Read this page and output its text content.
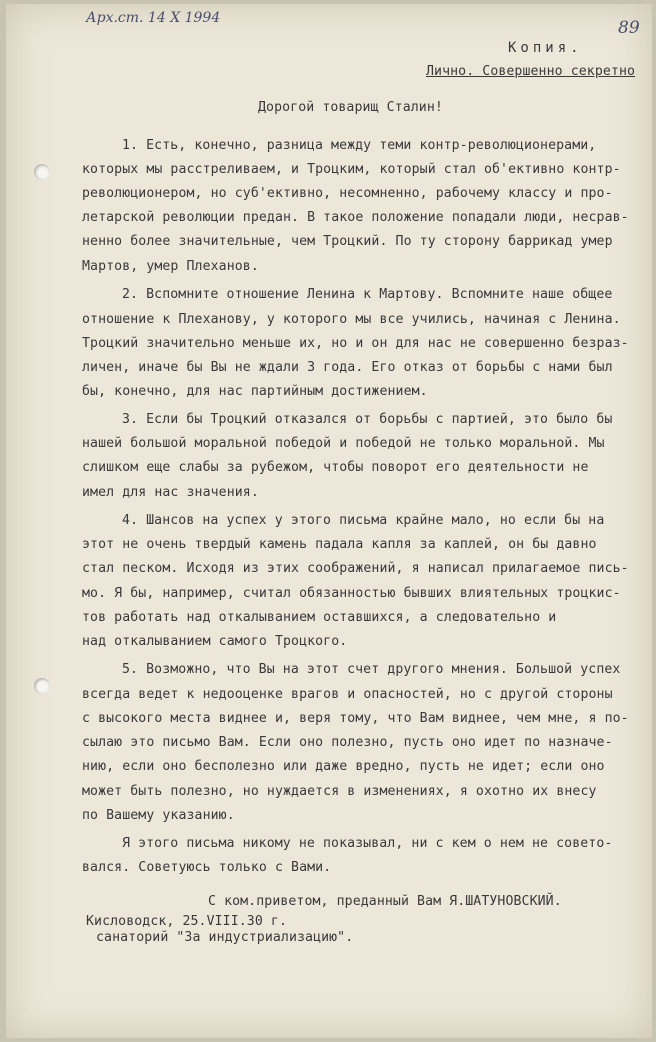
Арх.ст. 14 X 1994	89
Копия.
Лично. Совершенно секретно
Дорогой товарищ Сталин!
1. Есть, конечно, разница между теми контр-революционерами,
которых мы расстреливаем, и Троцким, который стал об'ективно контр-
революционером, но суб'ективно, несомненно, рабочему классу и про-
летарской революции предан. В такое положение попадали люди, несрав-
ненно более значительные, чем Троцкий. По ту сторону баррикад умер
Мартов, умер Плеханов.
2. Вспомните отношение Ленина к Мартову. Вспомните наше общее
отношение к Плеханову, у которого мы все учились, начиная с Ленина.
Троцкий значительно меньше их, но и он для нас не совершенно безраз-
личен, иначе бы Вы не ждали 3 года. Его отказ от борьбы с нами был
бы, конечно, для нас партийным достижением.
3. Если бы Троцкий отказался от борьбы с партией, это было бы
нашей большой моральной победой и победой не только моральной. Мы
слишком еще слабы за рубежом, чтобы поворот его деятельности не
имел для нас значения.
4. Шансов на успех у этого письма крайне мало, но если бы на
этот не очень твердый камень падала капля за каплей, он бы давно
стал песком. Исходя из этих соображений, я написал прилагаемое пись-
мо. Я бы, например, считал обязанностью бывших влиятельных троцкис-
тов работать над откалыванием оставшихся, а следовательно и
над откалыванием самого Троцкого.
5. Возможно, что Вы на этот счет другого мнения. Большой успех
всегда ведет к недооценке врагов и опасностей, но с другой стороны
с высокого места виднее и, веря тому, что Вам виднее, чем мне, я по-
сылаю это письмо Вам. Если оно полезно, пусть оно идет по назначе-
нию, если оно бесполезно или даже вредно, пусть не идет; если оно
может быть полезно, но нуждается в изменениях, я охотно их внесу
по Вашему указанию.
Я этого письма никому не показывал, ни с кем о нем не совето-
вался. Советуюсь только с Вами.
С ком.приветом, преданный Вам Я.ШАТУНОВСКИЙ.
Кисловодск, 25.VIII.30 г.
санаторий "За индустриализацию".
